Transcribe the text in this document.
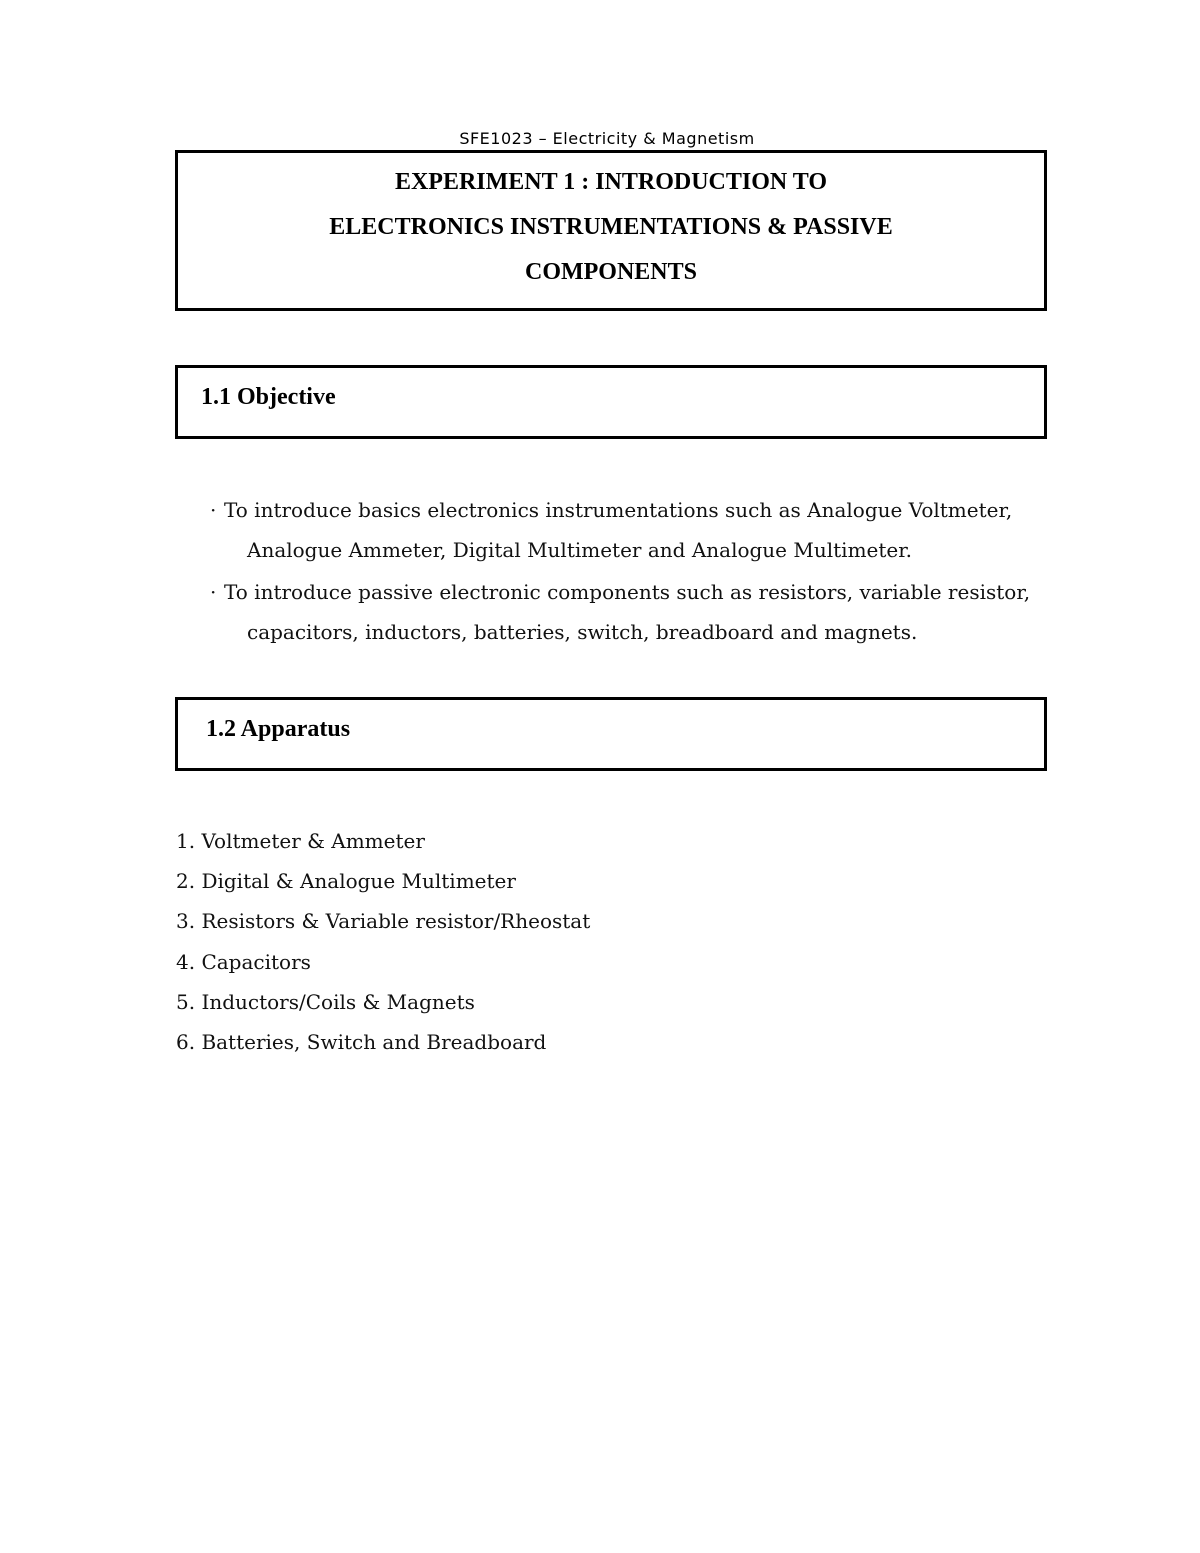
SFE1023 – Electricity & Magnetism
EXPERIMENT 1 : INTRODUCTION TO
ELECTRONICS INSTRUMENTATIONS & PASSIVE
COMPONENTS
1.1 Objective
· To introduce basics electronics instrumentations such as Analogue Voltmeter,
Analogue Ammeter, Digital Multimeter and Analogue Multimeter.
· To introduce passive electronic components such as resistors, variable resistor,
capacitors, inductors, batteries, switch, breadboard and magnets.
1.2 Apparatus
1. Voltmeter & Ammeter
2. Digital & Analogue Multimeter
3. Resistors & Variable resistor/Rheostat
4. Capacitors
5. Inductors/Coils & Magnets
6. Batteries, Switch and Breadboard
